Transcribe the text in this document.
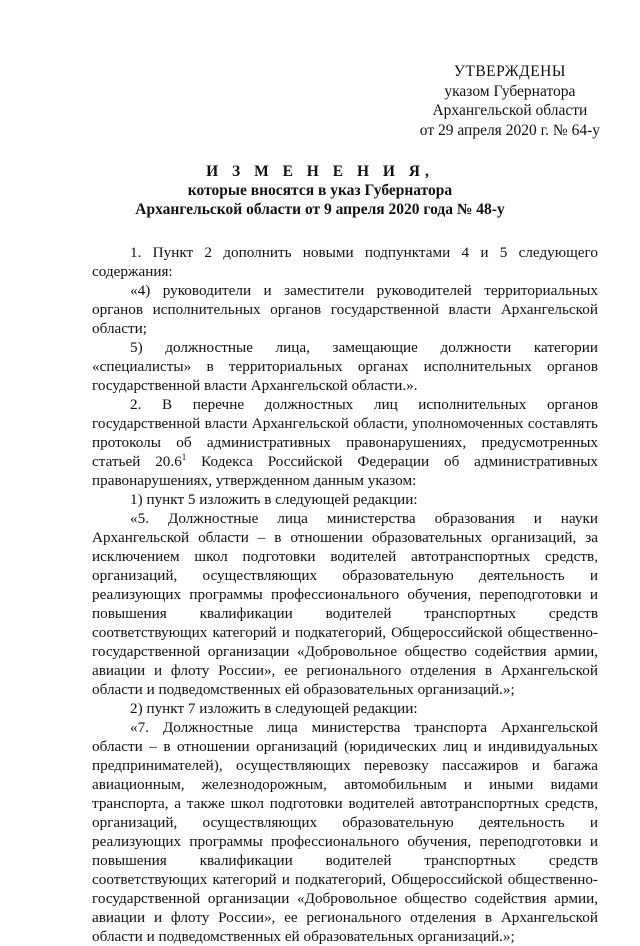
УТВЕРЖДЕНЫ
указом Губернатора
Архангельской области
от 29 апреля 2020 г. № 64-у
И З М Е Н Е Н И Я,
которые вносятся в указ Губернатора
Архангельской области от 9 апреля 2020 года № 48-у

1. Пункт 2 дополнить новыми подпунктами 4 и 5 следующего содержания:

«4) руководители и заместители руководителей территориальных органов исполнительных органов государственной власти Архангельской области;

5) должностные лица, замещающие должности категории «специалисты» в территориальных органах исполнительных органов государственной власти Архангельской области.».

2. В перечне должностных лиц исполнительных органов государственной власти Архангельской области, уполномоченных составлять протоколы об административных правонарушениях, предусмотренных статьей 20.6$^1$ Кодекса Российской Федерации об административных правонарушениях, утвержденном данным указом:

1) пункт 5 изложить в следующей редакции:

«5. Должностные лица министерства образования и науки Архангельской области – в отношении образовательных организаций, за исключением школ подготовки водителей автотранспортных средств, организаций, осуществляющих образовательную деятельность и реализующих программы профессионального обучения, переподготовки и повышения квалификации водителей транспортных средств соответствующих категорий и подкатегорий, Общероссийской общественно-государственной организации «Добровольное общество содействия армии, авиации и флоту России», ее регионального отделения в Архангельской области и подведомственных ей образовательных организаций.»;

2) пункт 7 изложить в следующей редакции:

«7. Должностные лица министерства транспорта Архангельской области – в отношении организаций (юридических лиц и индивидуальных предпринимателей), осуществляющих перевозку пассажиров и багажа авиационным, железнодорожным, автомобильным и иными видами транспорта, а также школ подготовки водителей автотранспортных средств, организаций, осуществляющих образовательную деятельность и реализующих программы профессионального обучения, переподготовки и повышения квалификации водителей транспортных средств соответствующих категорий и подкатегорий, Общероссийской общественно-государственной организации «Добровольное общество содействия армии, авиации и флоту России», ее регионального отделения в Архангельской области и подведомственных ей образовательных организаций.»;
